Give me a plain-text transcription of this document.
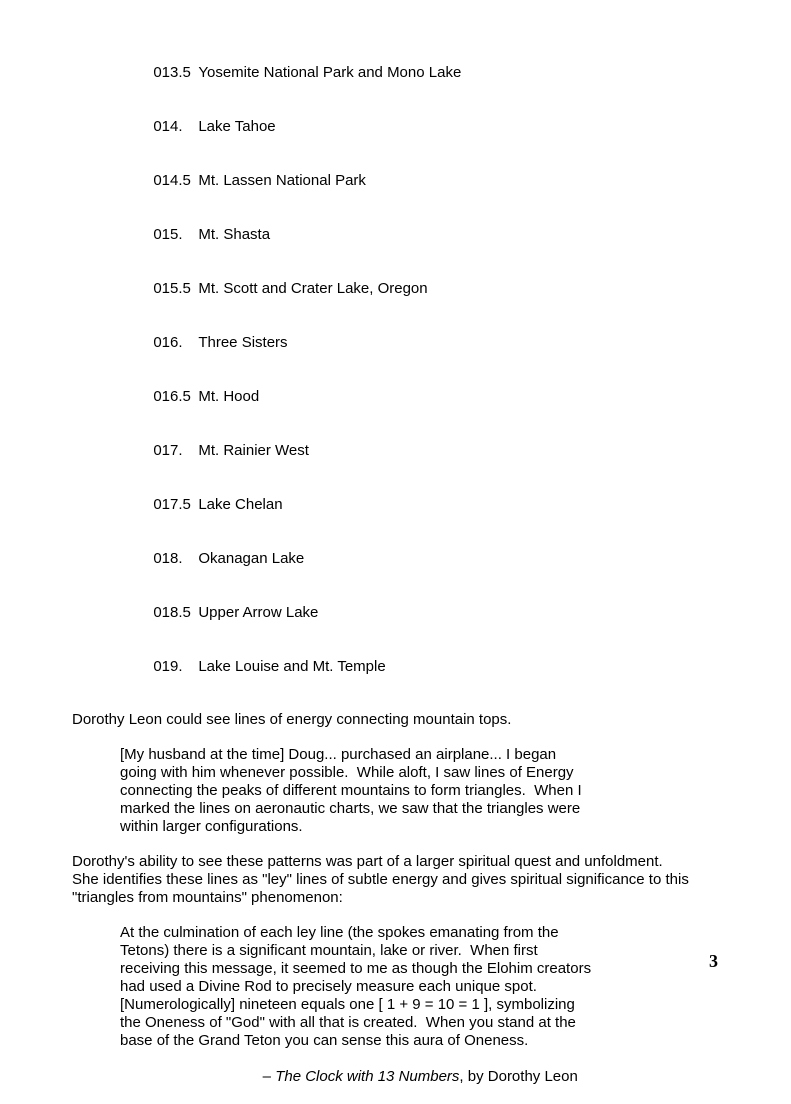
013.5 Yosemite National Park and Mono Lake

014. Lake Tahoe

014.5 Mt. Lassen National Park

015. Mt. Shasta

015.5 Mt. Scott and Crater Lake, Oregon

016. Three Sisters

016.5 Mt. Hood

017. Mt. Rainier West

017.5 Lake Chelan

018. Okanagan Lake

018.5 Upper Arrow Lake

019. Lake Louise and Mt. Temple

Dorothy Leon could see lines of energy connecting mountain tops.
[My husband at the time] Doug... purchased an airplane... I began
going with him whenever possible.  While aloft, I saw lines of Energy
connecting the peaks of different mountains to form triangles.  When I
marked the lines on aeronautic charts, we saw that the triangles were
within larger configurations.
Dorothy's ability to see these patterns was part of a larger spiritual quest and unfoldment.
She identifies these lines as "ley" lines of subtle energy and gives spiritual significance to this
"triangles from mountains" phenomenon:
At the culmination of each ley line (the spokes emanating from the
Tetons) there is a significant mountain, lake or river.  When first
receiving this message, it seemed to me as though the Elohim creators
had used a Divine Rod to precisely measure each unique spot.
[Numerologically] nineteen equals one [ 1 + 9 = 10 = 1 ], symbolizing
the Oneness of "God" with all that is created.  When you stand at the
base of the Grand Teton you can sense this aura of Oneness.

– The Clock with 13 Numbers, by Dorothy Leon

3
